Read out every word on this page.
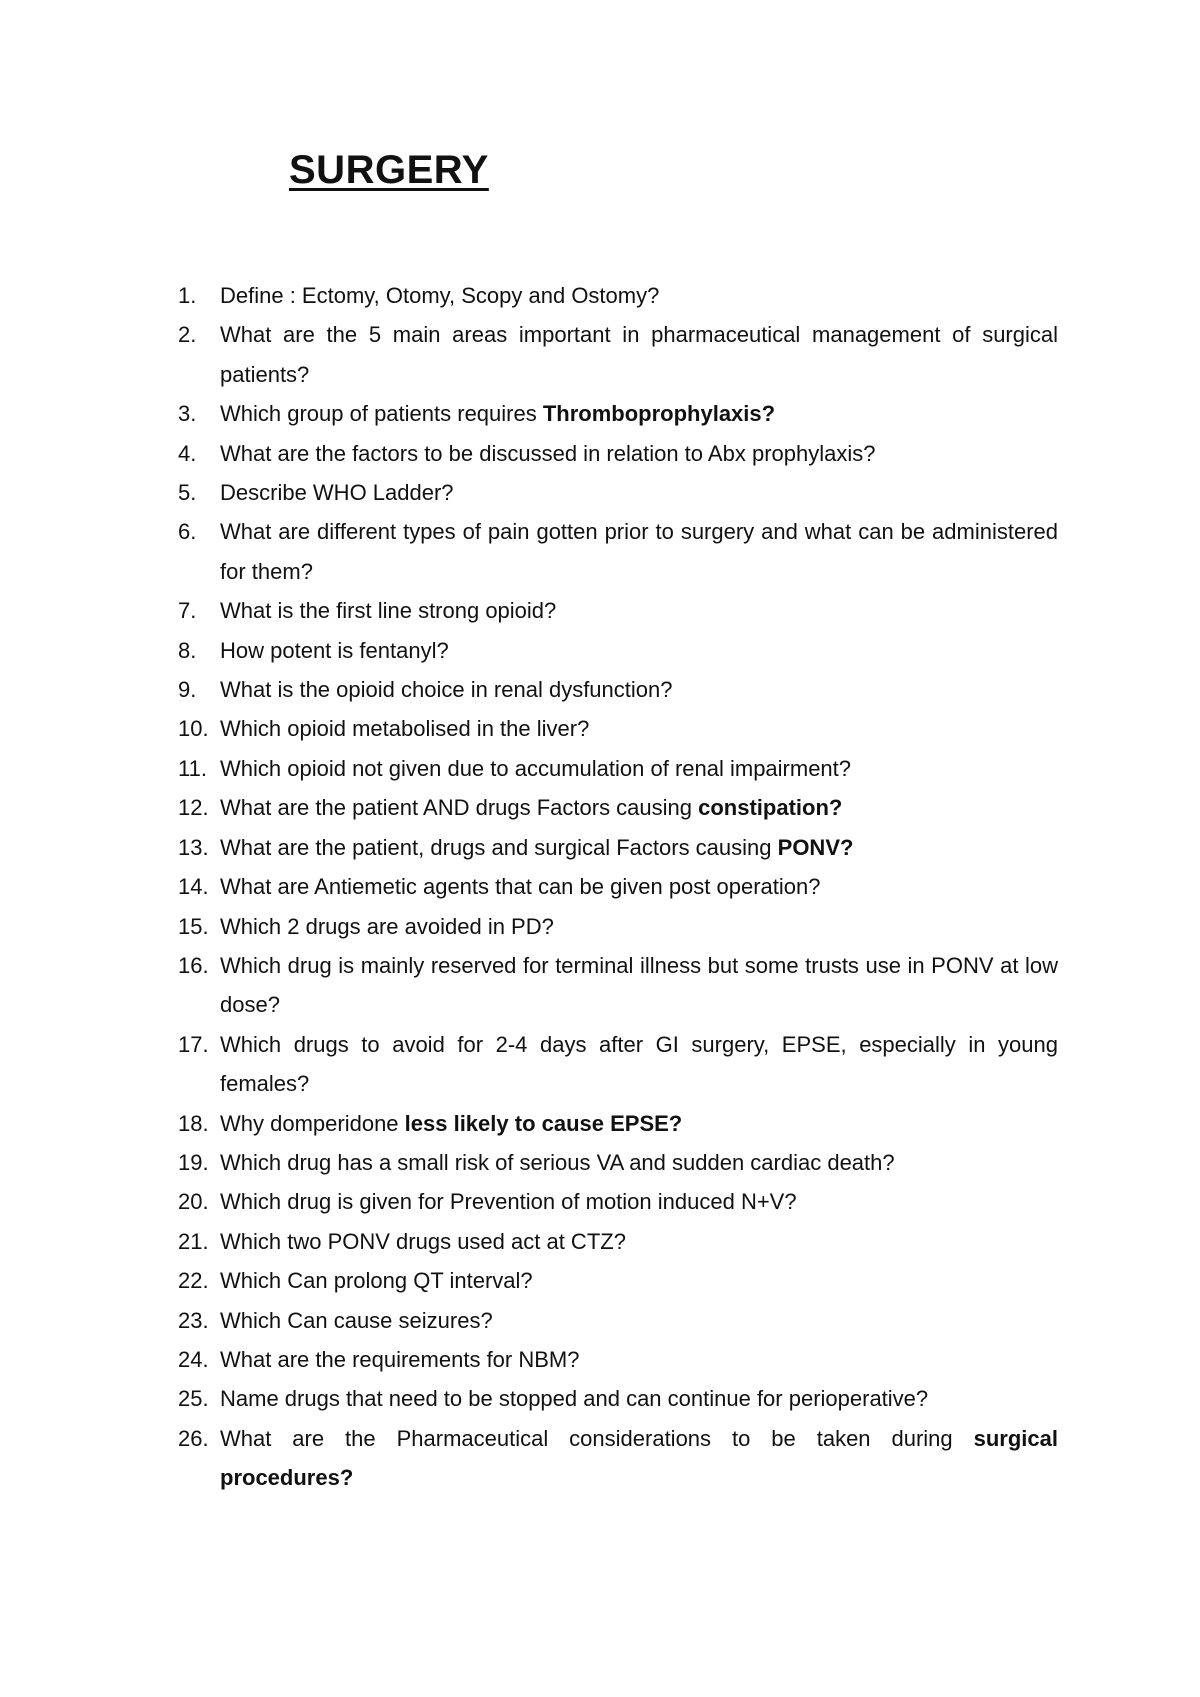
SURGERY
1.	Define : Ectomy, Otomy, Scopy and Ostomy?
2.	What are the 5 main areas important in pharmaceutical management of surgical patients?
3.	Which group of patients requires Thromboprophylaxis?
4.	What are the factors to be discussed in relation to Abx prophylaxis?
5.	Describe WHO Ladder?
6.	What are different types of pain gotten prior to surgery and what can be administered for them?
7.	What is the first line strong opioid?
8.	How potent is fentanyl?
9.	What is the opioid choice in renal dysfunction?
10. Which opioid metabolised in the liver?
11. Which opioid not given due to accumulation of renal impairment?
12. What are the patient AND drugs Factors causing constipation?
13. What are the patient, drugs and surgical Factors causing PONV?
14. What are Antiemetic agents that can be given post operation?
15. Which 2 drugs are avoided in PD?
16. Which drug is mainly reserved for terminal illness but some trusts use in PONV at low dose?
17. Which drugs to avoid for 2-4 days after GI surgery, EPSE, especially in young females?
18. Why domperidone less likely to cause EPSE?
19. Which drug has a small risk of serious VA and sudden cardiac death?
20. Which drug is given for Prevention of motion induced N+V?
21. Which two PONV drugs used act at CTZ?
22. Which Can prolong QT interval?
23. Which Can cause seizures?
24. What are the requirements for NBM?
25. Name drugs that need to be stopped and can continue for perioperative?
26. What are the Pharmaceutical considerations to be taken during surgical procedures?
